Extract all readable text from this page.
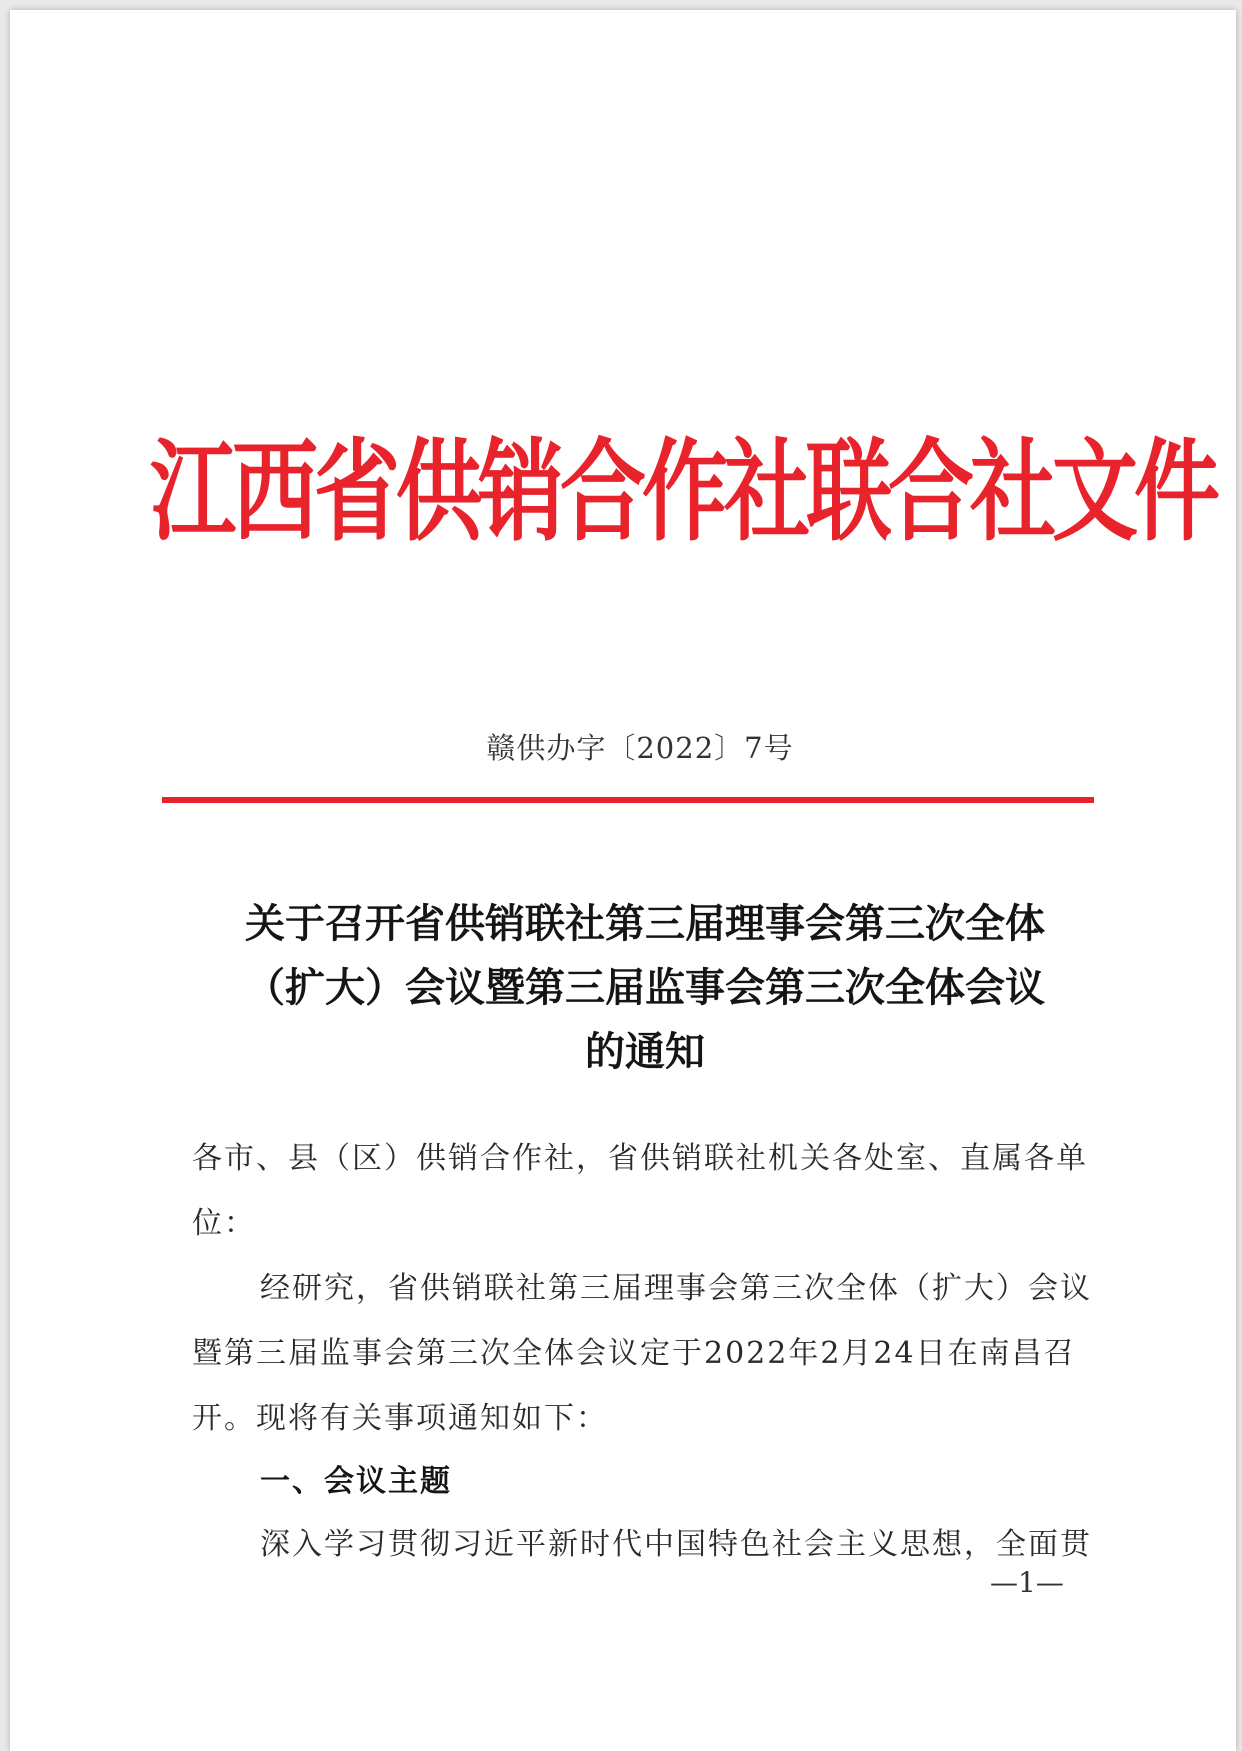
江西省供销合作社联合社文件
赣供办字〔2022〕7号
关于召开省供销联社第三届理事会第三次全体
（扩大）会议暨第三届监事会第三次全体会议
的通知
各市、县（区）供销合作社，省供销联社机关各处室、直属各单
位：
经研究，省供销联社第三届理事会第三次全体（扩大）会议
暨第三届监事会第三次全体会议定于2022年2月24日在南昌召
开。现将有关事项通知如下：
一、会议主题
深入学习贯彻习近平新时代中国特色社会主义思想，全面贯
—1—
